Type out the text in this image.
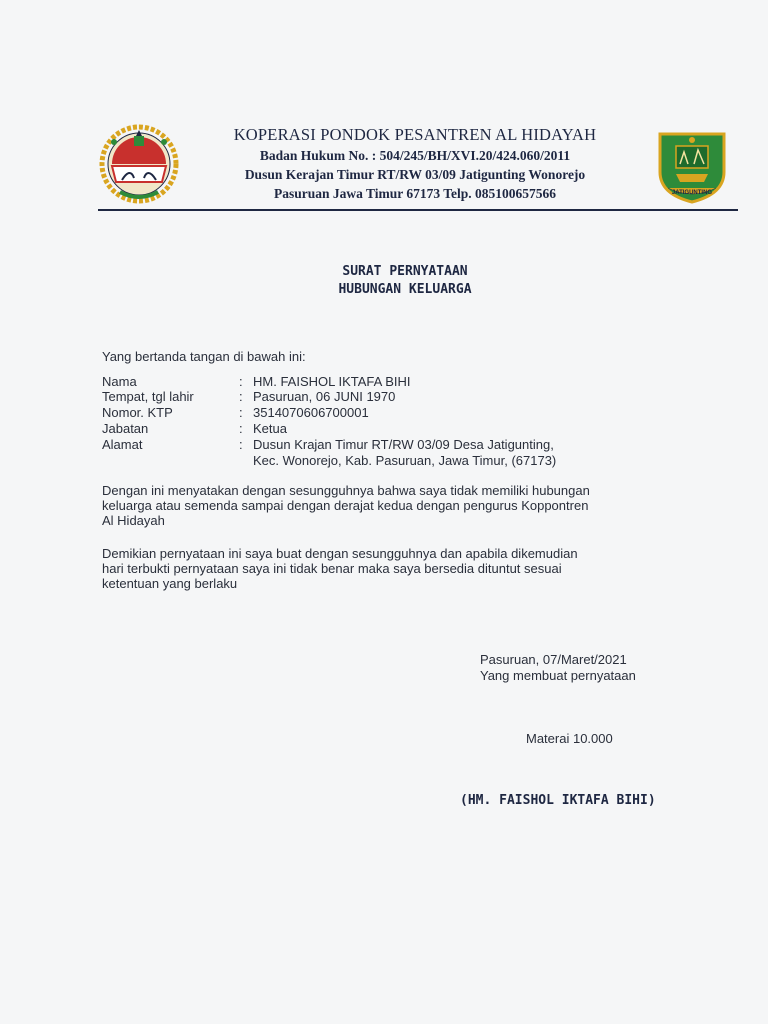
KOPERASI PONDOK PESANTREN AL HIDAYAH
Badan Hukum No. : 504/245/BH/XVI.20/424.060/2011
Dusun Kerajan Timur RT/RW 03/09 Jatigunting Wonorejo
Pasuruan Jawa Timur 67173 Telp. 085100657566	JATIGUNTING
SURAT PERNYATAAN
HUBUNGAN KELUARGA
Yang bertanda tangan di bawah ini:
Nama	: HM. FAISHOL IKTAFA BIHI
Tempat, tgl lahir	: Pasuruan, 06 JUNI 1970
Nomor. KTP	: 3514070606700001
Jabatan	: Ketua
Alamat	: Dusun Krajan Timur RT/RW 03/09 Desa Jatigunting,
Kec. Wonorejo, Kab. Pasuruan, Jawa Timur, (67173)
Dengan ini menyatakan dengan sesungguhnya bahwa saya tidak memiliki hubungan
keluarga atau semenda sampai dengan derajat kedua dengan pengurus Koppontren
Al Hidayah
Demikian pernyataan ini saya buat dengan sesungguhnya dan apabila dikemudian
hari terbukti pernyataan saya ini tidak benar maka saya bersedia dituntut sesuai
ketentuan yang berlaku
Pasuruan, 07/Maret/2021
Yang membuat pernyataan
Materai 10.000
(HM. FAISHOL IKTAFA BIHI)
